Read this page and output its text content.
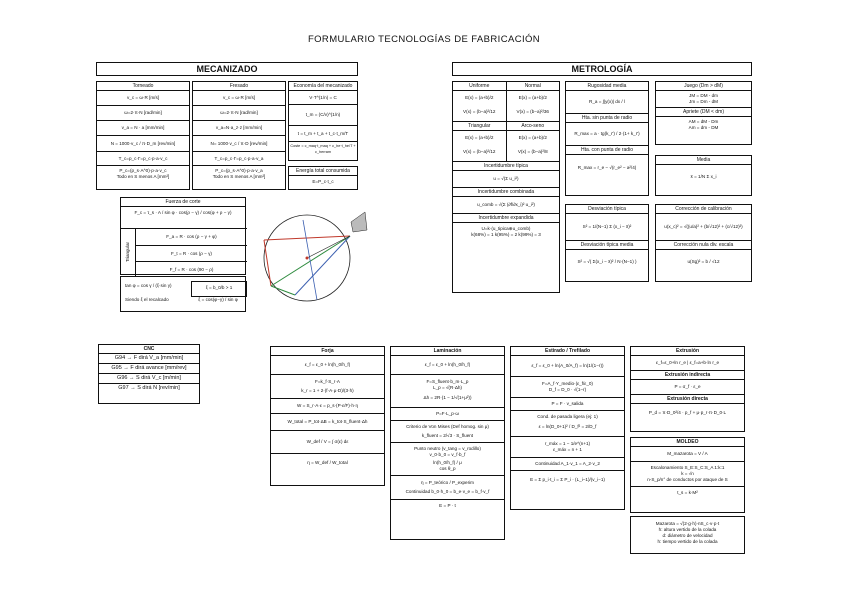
FORMULARIO TECNOLOGÍAS DE FABRICACIÓN
MECANIZADO
Torneado
v_c = ω·R [m/s]
ω=2·π·N [rad/min]
v_a = N · a [mm/min]
N = 1000·v_c / π·D_m [rev/min]
T_c=p_c·Γ=p_c·p·a·v_c
P_c=(p_s·A^0)·p·a·v_c
Todo en S menos A [mm²]
Fresado
v_c = ω·R [m/s]
ω=2·π·N [rad/min]
v_a=N·a_z·z [mm/min]
N= 1000·v_c / π·D [rev/min]
T_c=p_c·Γ=p_c·p·a·v_a
P_c=(p_s·A^0)·p·a·v_a
Todo en S menos A [mm²]
Economía del mecanizado
V·T^(1/n) = C
t_m = (C/v)^(1/n)
t = t_m + t_a + t_c·t_m/T
Coste = c_maq·t_maq + c_he·t_he/T + c_herram
Energía total consumida
E=P_c·t_c
Fuerza de corte
F_c = τ_s · A / sin φ · cos(ρ − γ) / cos(φ + ρ − γ)
Triangular
F_a = R · cos (ρ − γ + φ)
F_t = R · cos (ρ − γ)
F_f = R · cos (90 − ρ)
tan φ = cos γ / (ξ·sin γ)
Siendo ξ el recalcado
ξ = b_0/b > 1
ξ = cos(φ−γ) / sin φ
METROLOGÍA
Uniforme
E(x) = (a+b)/2
V(x) = (b−a)²/12
Normal
E(x) = (a+b)/2
V(x) = (b−a)²/36
Triangular
E(x) = (a+b)/2
V(x) = (b−a)²/12
Arco-seno
E(x) = (a+b)/2
V(x) = (b−a)²/8
Incertidumbre típica
u = √(Σ u_i²)
Incertidumbre combinada
u_comb = √(Σ (∂f/∂x_i)² u_i²)
Incertidumbre expandida
U=k·(u_tipica⊕u_comb)
k(68%) = 1 k(95%) = 2 k(99%) = 3
Rugosidad media
R_a = ∫|y(x)| dx / l
Hta. sin punta de radio
R_max = a · tg(k_r') / 2·(1+ k_r')
Hta. con punta de radio
R_max = r_e − √(r_e² − a²/4)
Juego (Dm > dM)
JM = DM - dm
Jm = Dm - dM
Apriete (DM < dm)
AM = dM - Dm
Am = dm - DM
Media
x̄ = 1/N Σ x_i
Desviación típica
S² = 1/(N−1) Σ (x_i − x̄)²
Desviación típica media
S² = √( Σ(x_i − x̄)² / N·(N−1) )
Corrección de calibración
u(x_c)² = √((u/a)² + (b/√12)² + (c/√12)²)
Corrección nula div. escala
u(Sg)² = b / √12
CNC
G94 → F dirá V_a [mm/min]
G95 → F dirá avance [mm/rev]
G96 → S dirá V_c [m/min]
G97 → S dirá N [rev/min]
Forja
ε_f = ε_0 + ln(h_0/h_f)
F=k_f·S_r·A
k_r = 1 + 2·(f·A·μ·D)/(3·h)
W = S_r·A·ε = p_s·(P·ε/F)·h·η
W_total = P_tot·ΔB = k_tot·S_fluent·Δh
W_def / V = ∫ σ(ε) dε
η = W_def / W_total
Laminación
ε_f = ε_0 + ln(h_0/h_f)
F=S_fluent·b_m·L_p
L_p = √(R·Δh)
Δh = 2R·(1 − 1/√(1+μ²))
P=F·L_p·ω
Criterio de Von Mises (Def homog. sin μ)
k_fluent = 2/√3 · S_fluent
Punto neutro (v_tang = v_rodillo)
v_0·b_0 = v_f·b_f
ln(h_0/h_f) / μ
cos θ_p
η = P_teórico / P_experim
Continuidad b_0·h_0 = b_e·v_e = b_f·v_f
E = P · t
Estirado / Trefilado
ε_f = ε_0 + ln(A_0/A_f) = ln(1/(1−r))
F=A_f·Y_medio·(ε_f/ε_0)
D_f = D_0 · √(1−r)
P = F · v_salida
Cond. de pasada ligera (ej: 1)
ε = ln(D_0+1)² / D_f² = 2/D_f
r_máx = 1 − 1/e^(n+1)
ε_máx = n + 1
Continuidad A_1·v_1 = A_2·v_2
E = Σ p_i·t_i = Σ P_i · (L_i−1)/(v_i−1)
Extrusión
ε_f=ε_0+ln r_e | ε_f=a+b·ln r_e
Extrusión indirecta
P = σ_f · ε_e
Extrusión directa
P_d = π·D_0²/4 · p_f + μ·p_r·π·D_0·L
MOLDEO
M_mazarota = V / A
Escalonamiento S_E:S_C:S_A 1:k:1
k = √n
n-S_p/n° de conductos por ataque de S
t_s = k·M²
Mazarota = √(2·g·h)·nS_c·v·p·t
h: altura vertido de la colada
d: diámetro de velocidad
h: tiempo vertido de la colada
